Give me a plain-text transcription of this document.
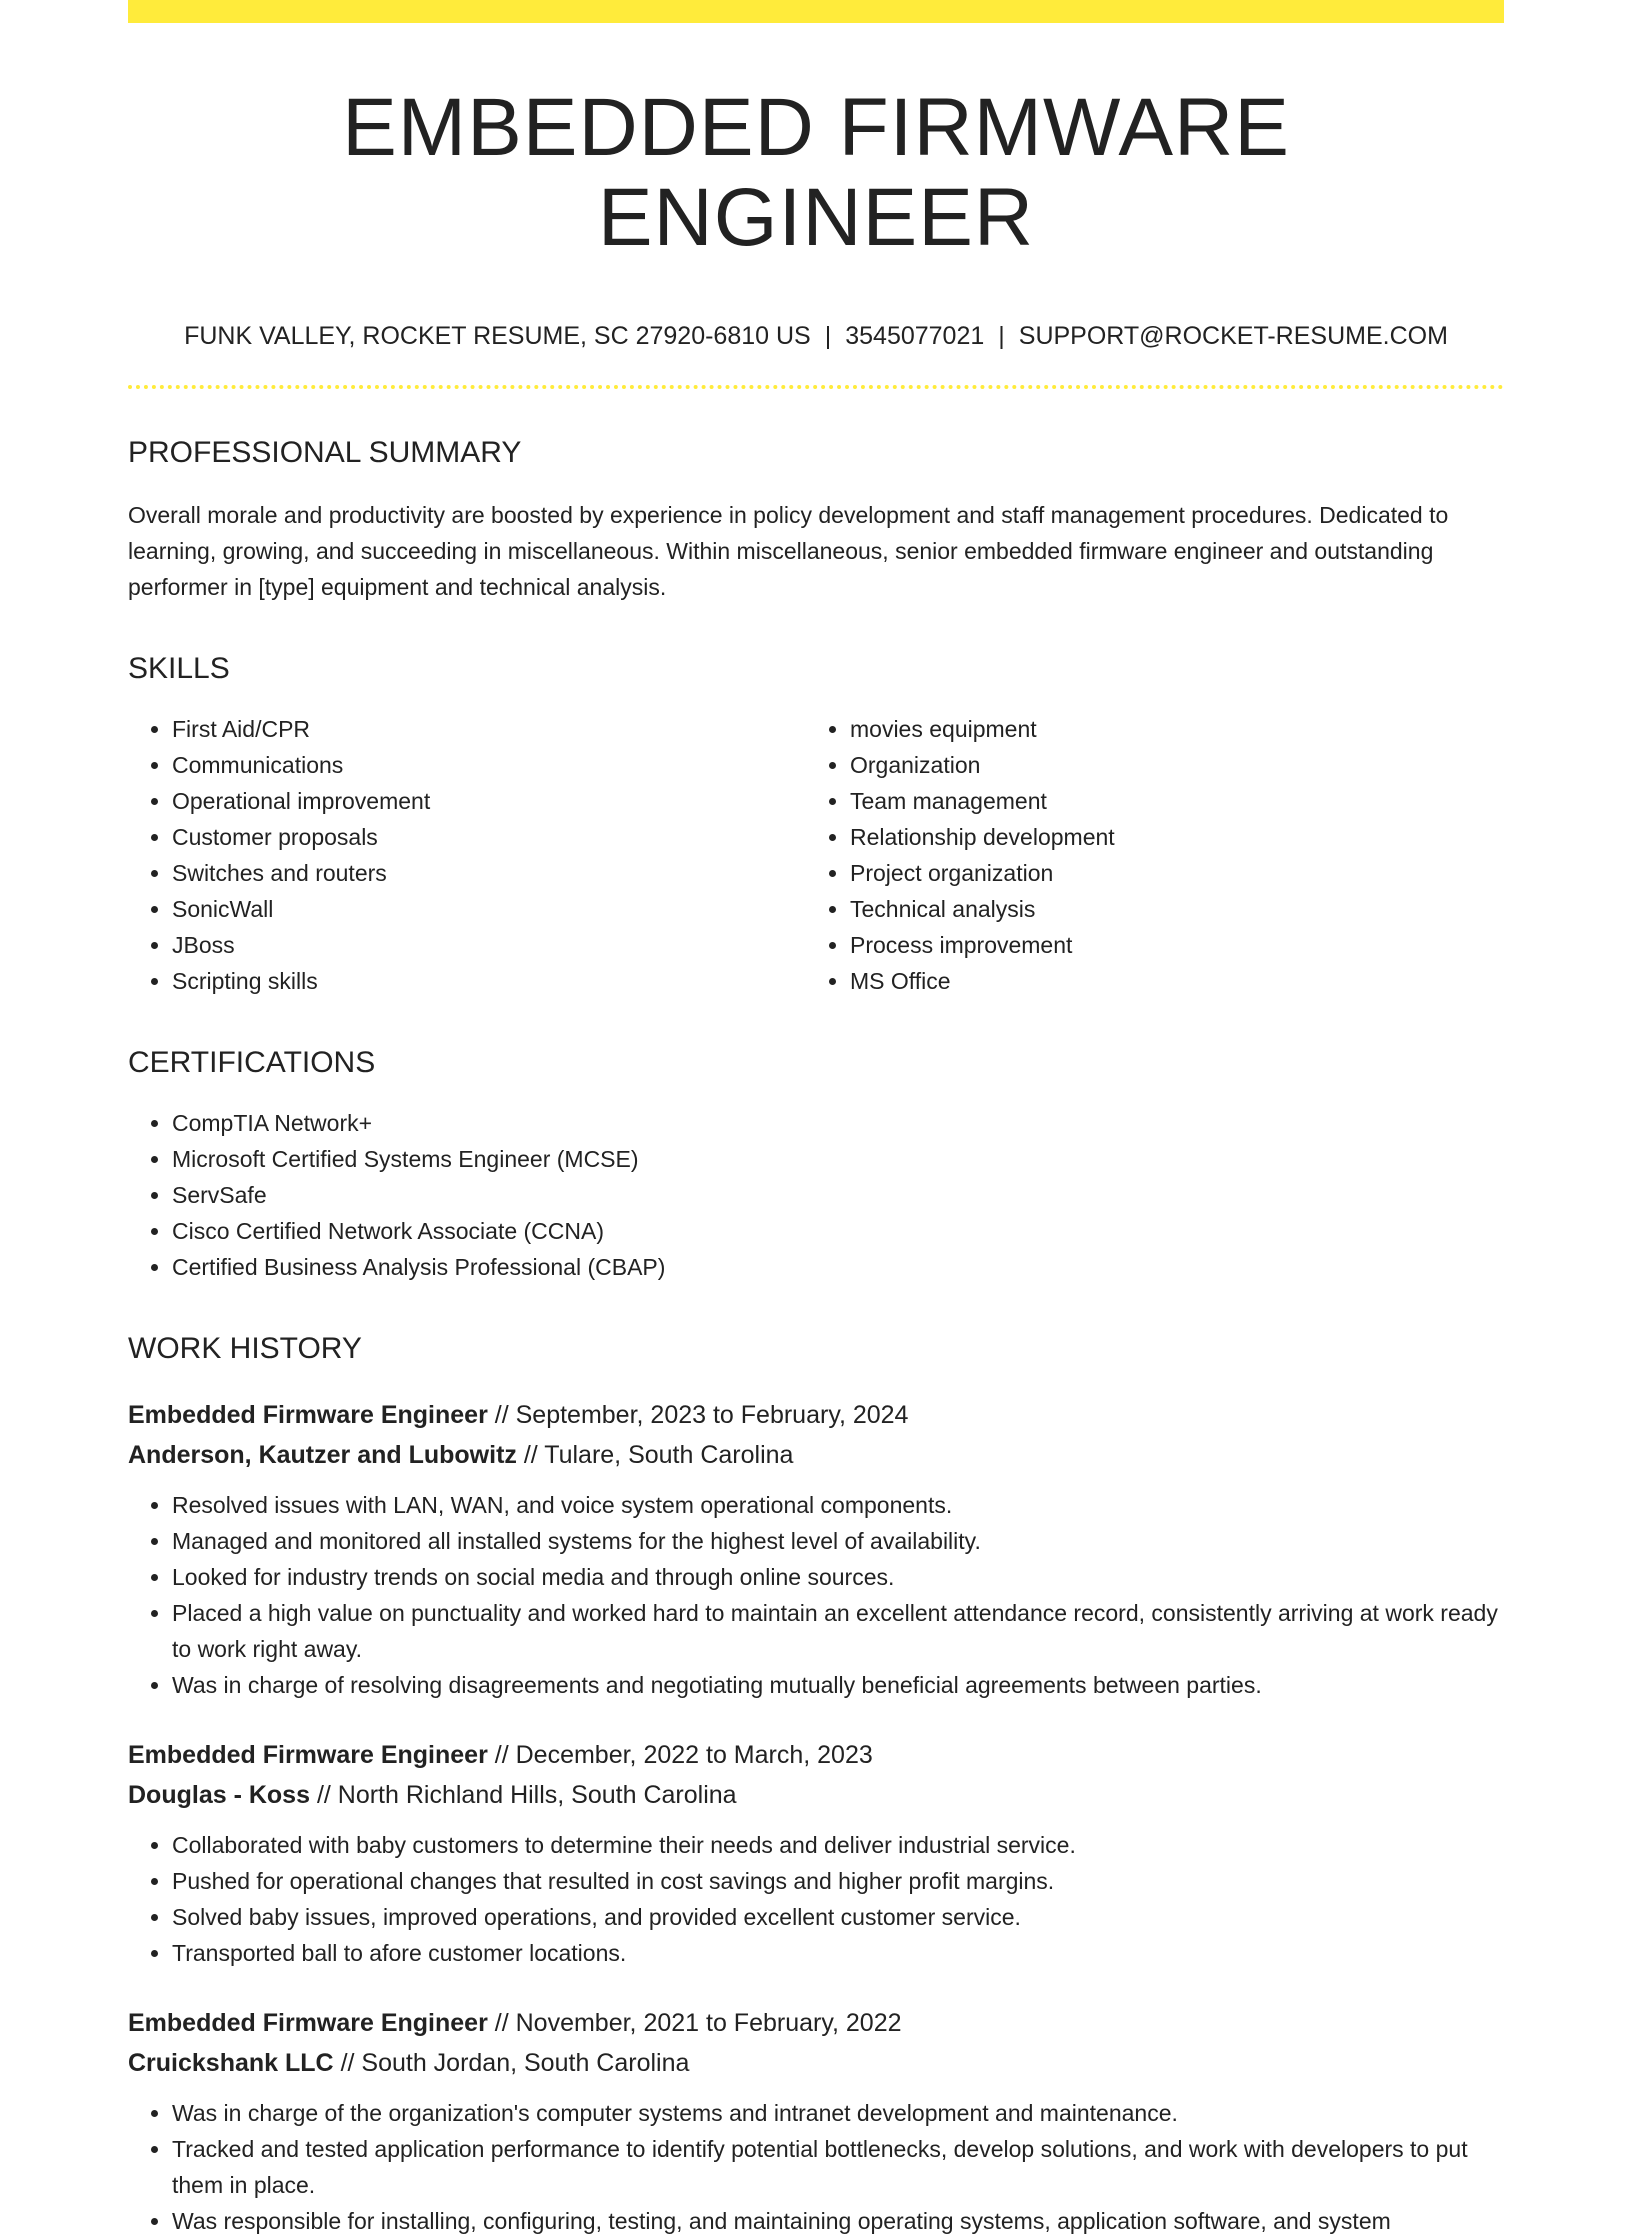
EMBEDDED FIRMWARE ENGINEER
FUNK VALLEY, ROCKET RESUME, SC 27920-6810 US | 3545077021 | SUPPORT@ROCKET-RESUME.COM
PROFESSIONAL SUMMARY

Overall morale and productivity are boosted by experience in policy development and staff management procedures. Dedicated to learning, growing, and succeeding in miscellaneous. Within miscellaneous, senior embedded firmware engineer and outstanding performer in [type] equipment and technical analysis.

SKILLS
• First Aid/CPR
• Communications
• Operational improvement
• Customer proposals
• Switches and routers
• SonicWall
• JBoss
• Scripting skills
• movies equipment
• Organization
• Team management
• Relationship development
• Project organization
• Technical analysis
• Process improvement
• MS Office
CERTIFICATIONS
• CompTIA Network+
• Microsoft Certified Systems Engineer (MCSE)
• ServSafe
• Cisco Certified Network Associate (CCNA)
• Certified Business Analysis Professional (CBAP)
WORK HISTORY
Embedded Firmware Engineer // September, 2023 to February, 2024
Anderson, Kautzer and Lubowitz // Tulare, South Carolina
• Resolved issues with LAN, WAN, and voice system operational components.
• Managed and monitored all installed systems for the highest level of availability.
• Looked for industry trends on social media and through online sources.
• Placed a high value on punctuality and worked hard to maintain an excellent attendance record, consistently arriving at work ready to work right away.
• Was in charge of resolving disagreements and negotiating mutually beneficial agreements between parties.
Embedded Firmware Engineer // December, 2022 to March, 2023
Douglas - Koss // North Richland Hills, South Carolina
• Collaborated with baby customers to determine their needs and deliver industrial service.
• Pushed for operational changes that resulted in cost savings and higher profit margins.
• Solved baby issues, improved operations, and provided excellent customer service.
• Transported ball to afore customer locations.
Embedded Firmware Engineer // November, 2021 to February, 2022
Cruickshank LLC // South Jordan, South Carolina
• Was in charge of the organization's computer systems and intranet development and maintenance.
• Tracked and tested application performance to identify potential bottlenecks, develop solutions, and work with developers to put them in place.
• Was responsible for installing, configuring, testing, and maintaining operating systems, application software, and system
